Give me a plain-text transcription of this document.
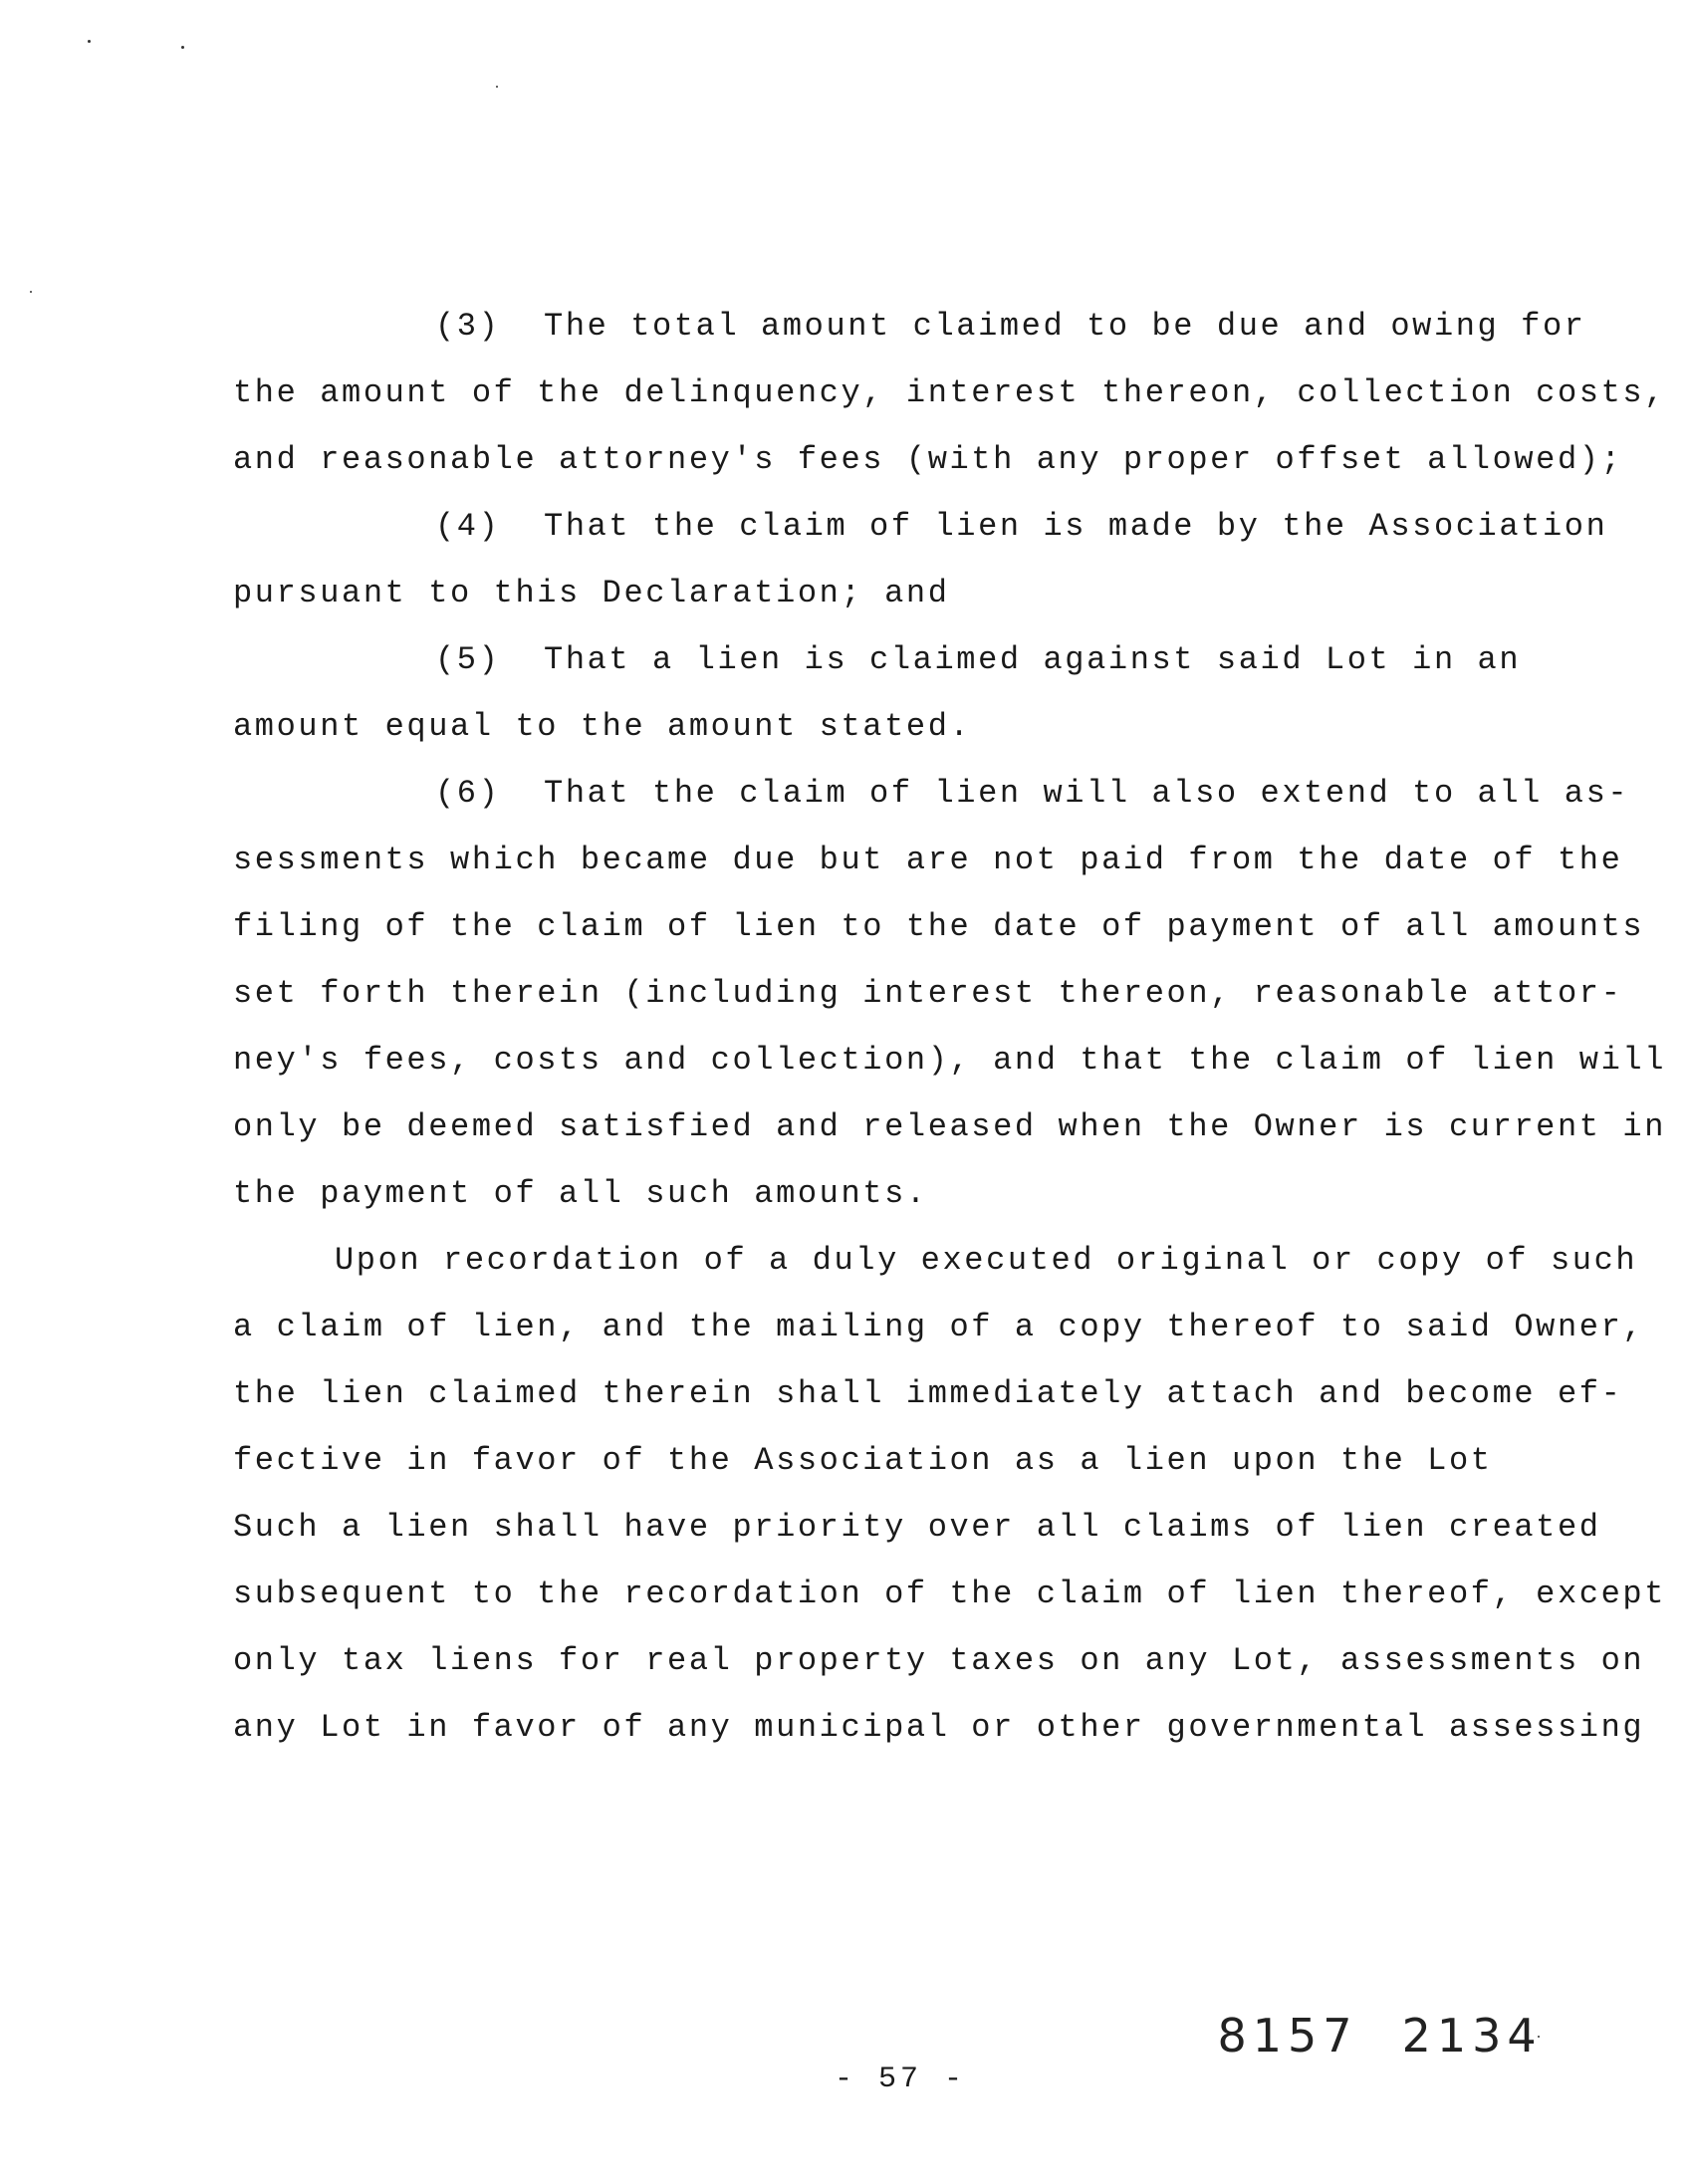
(3)  The total amount claimed to be due and owing for
the amount of the delinquency, interest thereon, collection costs,
and reasonable attorney's fees (with any proper offset allowed);
(4)  That the claim of lien is made by the Association
pursuant to this Declaration; and
(5)  That a lien is claimed against said Lot in an
amount equal to the amount stated.
(6)  That the claim of lien will also extend to all as-
sessments which became due but are not paid from the date of the
filing of the claim of lien to the date of payment of all amounts
set forth therein (including interest thereon, reasonable attor-
ney's fees, costs and collection), and that the claim of lien will
only be deemed satisfied and released when the Owner is current in
the payment of all such amounts.
Upon recordation of a duly executed original or copy of such
a claim of lien, and the mailing of a copy thereof to said Owner,
the lien claimed therein shall immediately attach and become ef-
fective in favor of the Association as a lien upon the Lot
Such a lien shall have priority over all claims of lien created
subsequent to the recordation of the claim of lien thereof, except
only tax liens for real property taxes on any Lot, assessments on
any Lot in favor of any municipal or other governmental assessing

8157 2134

- 57 -
